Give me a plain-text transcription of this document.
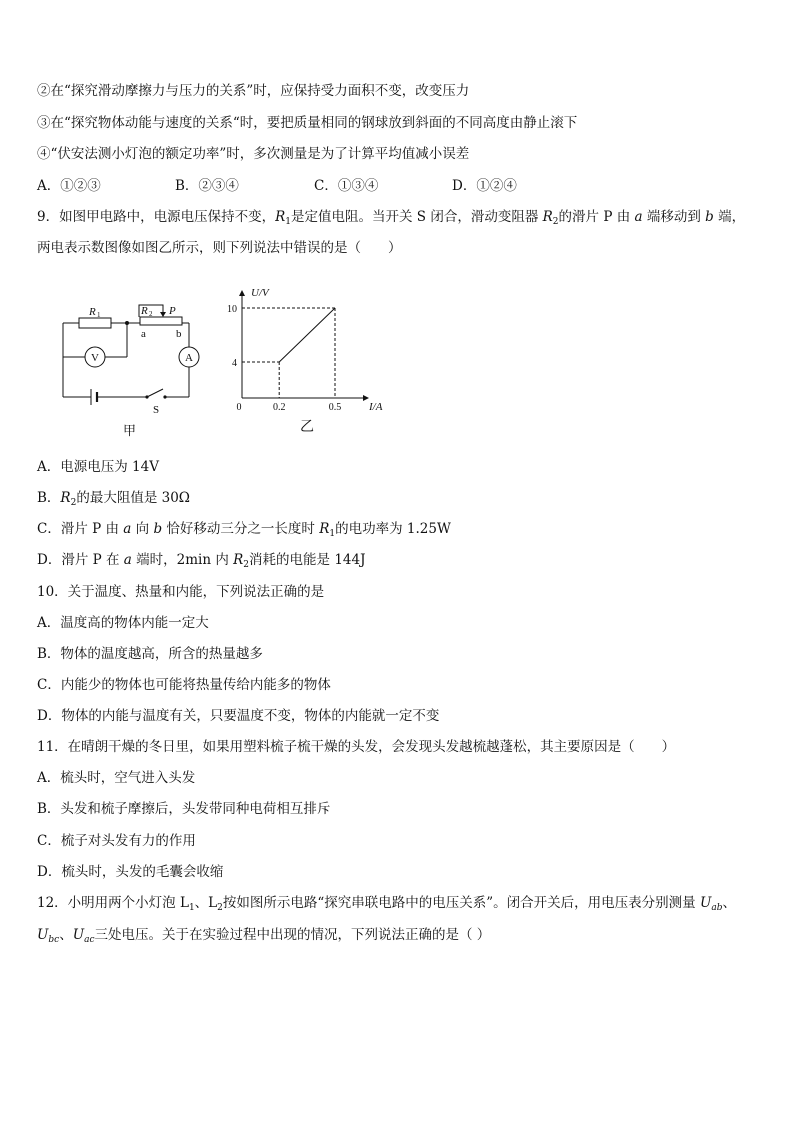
②在“探究滑动摩擦力与压力的关系”时，应保持受力面积不变，改变压力
③在“探究物体动能与速度的关系“时，要把质量相同的钢球放到斜面的不同高度由静止滚下
④“伏安法测小灯泡的额定功率”时，多次测量是为了计算平均值减小误差
A．①②③	B．②③④	C．①③④	D．①②④
9．如图甲电路中，电源电压保持不变，$R_1$是定值电阻。当开关 S 闭合，滑动变阻器 $R_2$的滑片 P 由 a 端移动到 b 端，
两电表示数图像如图乙所示，则下列说法中错误的是（　　）
R 1	R 2 P
a	b
V	A
S
甲
0.2	0.5
4
10
U/V
I/A
0
乙
A．电源电压为 14V
B．$R_2$的最大阻值是 30Ω
C．滑片 P 由 a 向 b 恰好移动三分之一长度时 $R_1$的电功率为 1.25W
D．滑片 P 在 a 端时，2min 内 $R_2$消耗的电能是 144J
10．关于温度、热量和内能，下列说法正确的是
A．温度高的物体内能一定大
B．物体的温度越高，所含的热量越多
C．内能少的物体也可能将热量传给内能多的物体
D．物体的内能与温度有关，只要温度不变，物体的内能就一定不变
11．在晴朗干燥的冬日里，如果用塑料梳子梳干燥的头发，会发现头发越梳越蓬松，其主要原因是（　　）
A．梳头时，空气进入头发
B．头发和梳子摩擦后，头发带同种电荷相互排斥
C．梳子对头发有力的作用
D．梳头时，头发的毛囊会收缩
12．小明用两个小灯泡 $L_1$、$L_2$按如图所示电路“探究串联电路中的电压关系”。闭合开关后，用电压表分别测量 $U_{ab}$、
$U_{bc}$、$U_{ac}$三处电压。关于在实验过程中出现的情况，下列说法正确的是（ ）
